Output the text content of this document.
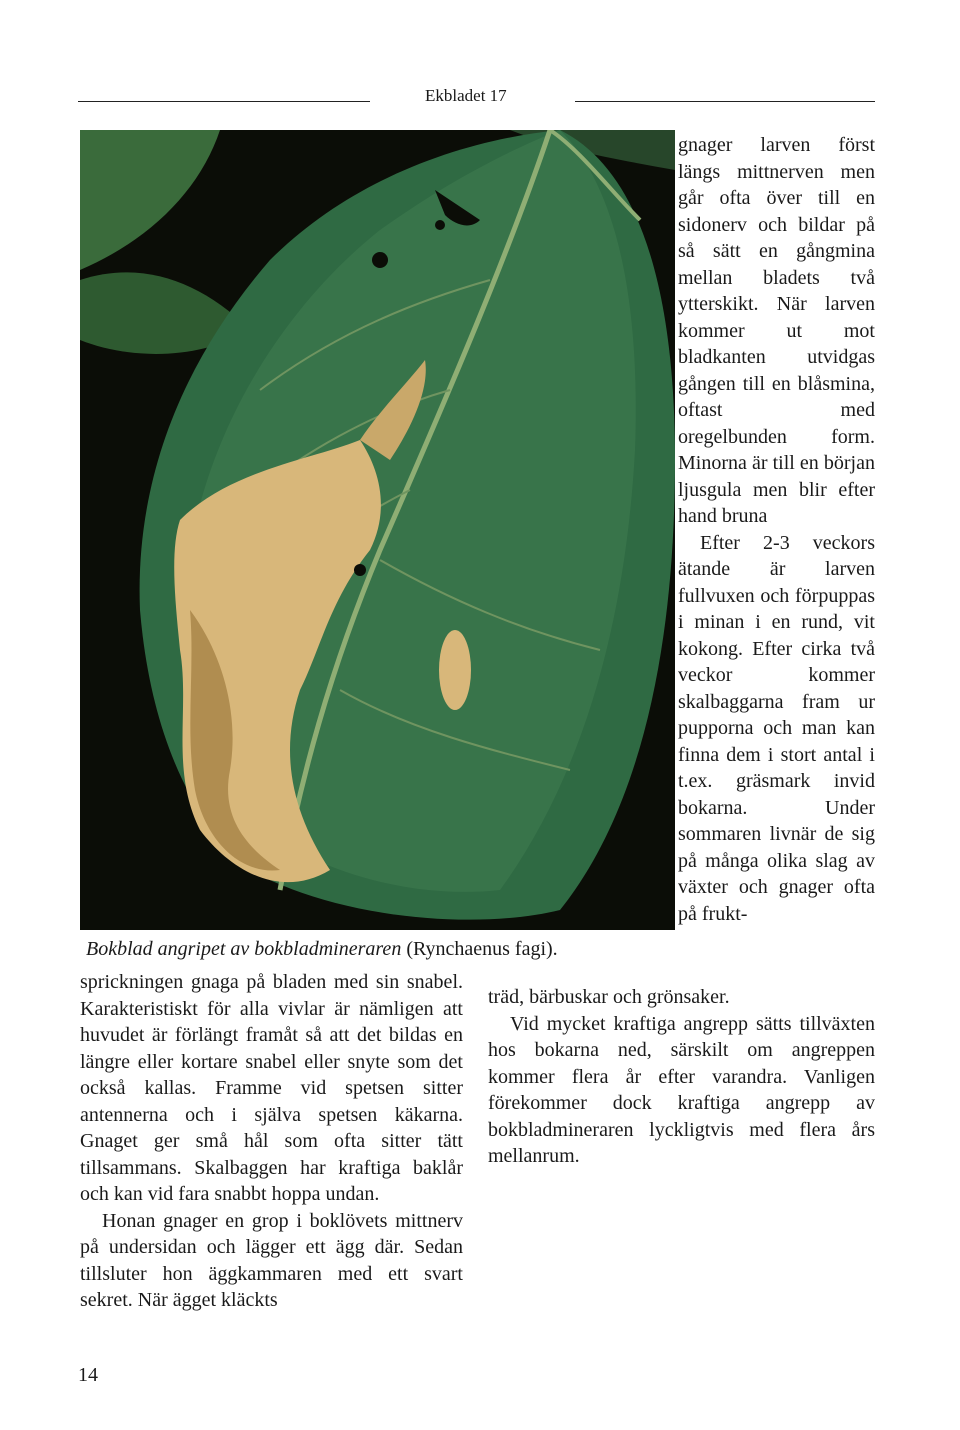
Ekbladet 17
Bokblad angripet av bokbladmineraren (Rynchaenus fagi).

gnager larven först längs mittnerven men går ofta över till en sidonerv och bildar på så sätt en gångmina mellan bladets två ytterskikt. När larven kommer ut mot bladkanten utvidgas gången till en blåsmina, oftast med oregelbunden form. Minorna är till en början ljusgula men blir efter hand bruna

Efter 2-3 veckors ätande är larven fullvuxen och förpuppas i minan i en rund, vit kokong. Efter cirka två veckor kommer skalbaggarna fram ur pupporna och man kan finna dem i stort antal i t.ex. gräsmark invid bokarna. Under sommaren livnär de sig på många olika slag av växter och gnager ofta på frukt-

träd, bärbuskar och grönsaker.

Vid mycket kraftiga angrepp sätts tillväxten hos bokarna ned, särskilt om angreppen kommer flera år efter varandra. Vanligen förekommer dock kraftiga angrepp av bokbladmineraren lyckligtvis med flera års mellanrum.

sprickningen gnaga på bladen med sin snabel. Karakteristiskt för alla vivlar är nämligen att huvudet är förlängt framåt så att det bildas en längre eller kortare snabel eller snyte som det också kallas. Framme vid spetsen sitter antennerna och i själva spetsen käkarna. Gnaget ger små hål som ofta sitter tätt tillsammans. Skalbaggen har kraftiga baklår och kan vid fara snabbt hoppa undan.

Honan gnager en grop i boklövets mittnerv på undersidan och lägger ett ägg där. Sedan tillsluter hon äggkammaren med ett svart sekret. När ägget kläckts

14
